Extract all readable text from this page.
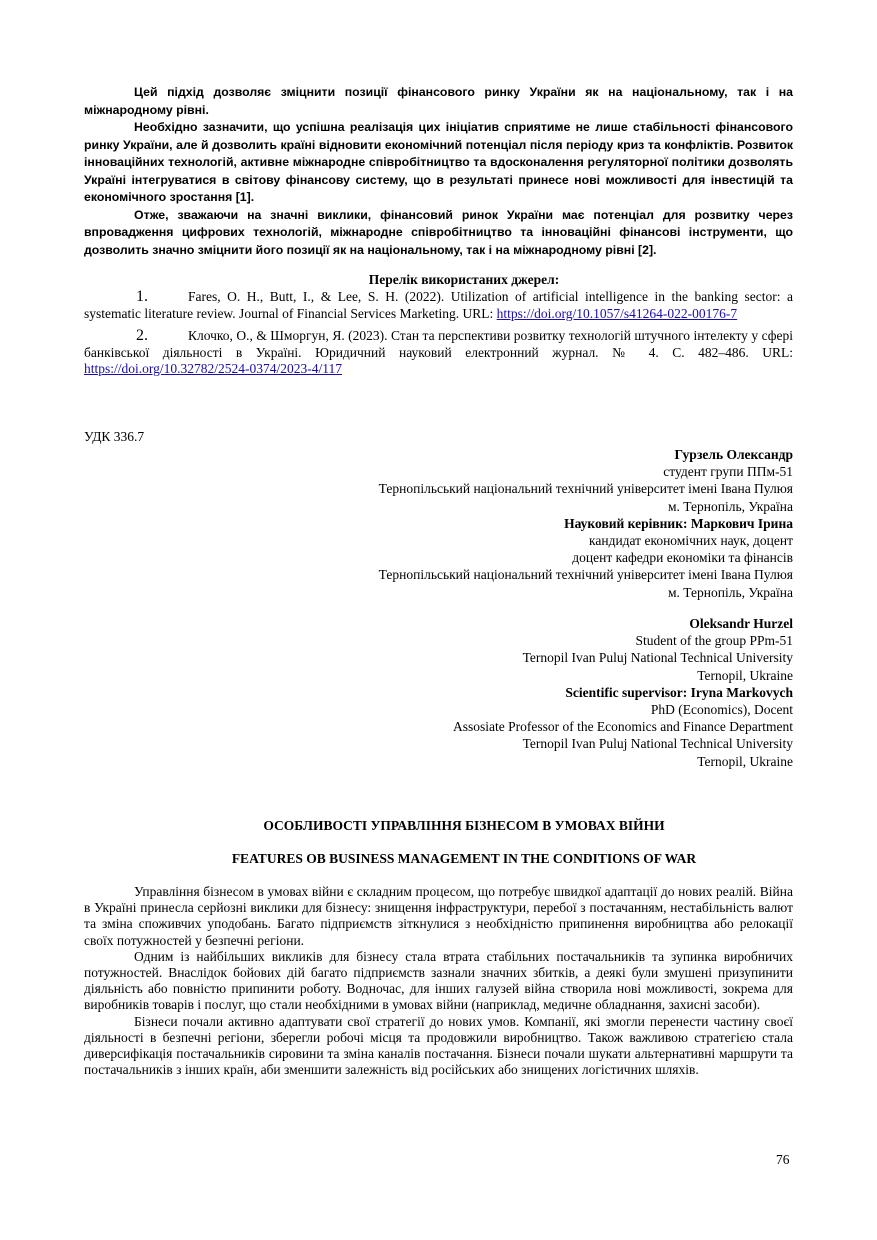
Цей підхід дозволяє зміцнити позиції фінансового ринку України як на національному, так і на міжнародному рівні.

Необхідно зазначити, що успішна реалізація цих ініціатив сприятиме не лише стабільності фінансового ринку України, але й дозволить країні відновити економічний потенціал після періоду криз та конфліктів. Розвиток інноваційних технологій, активне міжнародне співробітництво та вдосконалення регуляторної політики дозволять Україні інтегруватися в світову фінансову систему, що в результаті принесе нові можливості для інвестицій та економічного зростання [1].

Отже, зважаючи на значні виклики, фінансовий ринок України має потенціал для розвитку через впровадження цифрових технологій, міжнародне співробітництво та інноваційні фінансові інструменти, що дозволить значно зміцнити його позиції як на національному, так і на міжнародному рівні [2].

Перелік використаних джерел:

1.	Fares, O. H., Butt, I., & Lee, S. H. (2022). Utilization of artificial intelligence in the banking sector: a systematic literature review. Journal of Financial Services Marketing. URL: https://doi.org/10.1057/s41264-022-00176-7

2.	Клочко, О., & Шморгун, Я. (2023). Стан та перспективи розвитку технологій штучного інтелекту у сфері банківської діяльності в Україні. Юридичний науковий електронний журнал. № 4. С. 482–486. URL: https://doi.org/10.32782/2524-0374/2023-4/117

УДК 336.7
Гурзель Олександр
студент групи ППм-51
Тернопільський національний технічний університет імені Івана Пулюя
м. Тернопіль, Україна
Науковий керівник: Маркович Ірина
кандидат економічних наук, доцент
доцент кафедри економіки та фінансів
Тернопільський національний технічний університет імені Івана Пулюя
м. Тернопіль, Україна
Oleksandr Hurzel
Student of the group PPm-51
Ternopil Ivan Puluj National Technical University
Ternopil, Ukraine
Scientific supervisor: Iryna Markovych
PhD (Economics), Docent
Assosiate Professor of the Economics and Finance Department
Ternopil Ivan Puluj National Technical University
Ternopil, Ukraine
ОСОБЛИВОСТІ УПРАВЛІННЯ БІЗНЕСОМ В УМОВАХ ВІЙНИ
FEATURES OB BUSINESS MANAGEMENT IN THE CONDITIONS OF WAR

Управління бізнесом в умовах війни є складним процесом, що потребує швидкої адаптації до нових реалій. Війна в Україні принесла серйозні виклики для бізнесу: знищення інфраструктури, перебої з постачанням, нестабільність валют та зміна споживчих уподобань. Багато підприємств зіткнулися з необхідністю припинення виробництва або релокації своїх потужностей у безпечні регіони.

Одним із найбільших викликів для бізнесу стала втрата стабільних постачальників та зупинка виробничих потужностей. Внаслідок бойових дій багато підприємств зазнали значних збитків, а деякі були змушені призупинити діяльність або повністю припинити роботу. Водночас, для інших галузей війна створила нові можливості, зокрема для виробників товарів і послуг, що стали необхідними в умовах війни (наприклад, медичне обладнання, захисні засоби).

Бізнеси почали активно адаптувати свої стратегії до нових умов. Компанії, які змогли перенести частину своєї діяльності в безпечні регіони, зберегли робочі місця та продовжили виробництво. Також важливою стратегією стала диверсифікація постачальників сировини та зміна каналів постачання. Бізнеси почали шукати альтернативні маршрути та постачальників з інших країн, аби зменшити залежність від російських або знищених логістичних шляхів.

76
